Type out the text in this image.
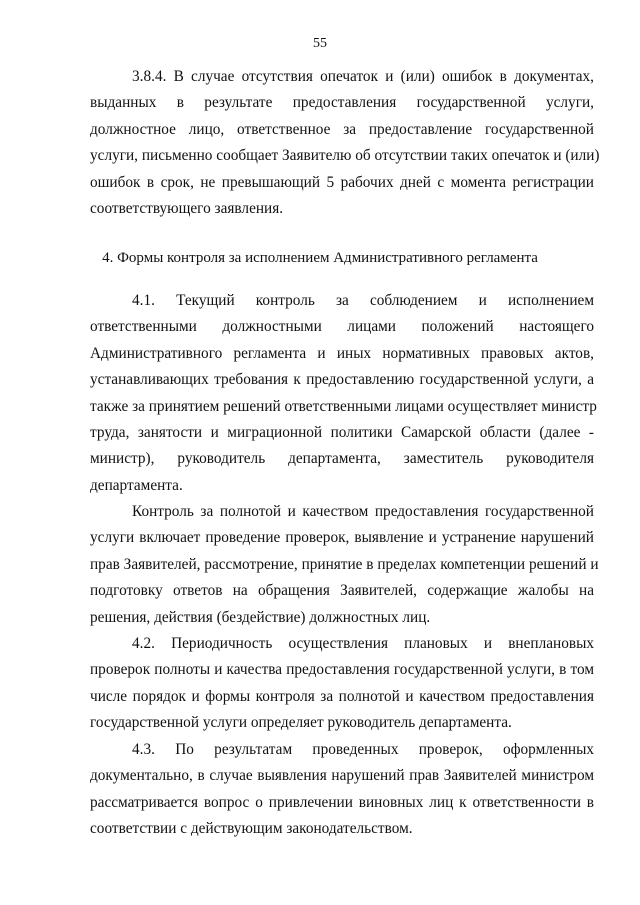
55
3.8.4. В случае отсутствия опечаток и (или) ошибок в документах,
выданных в результате предоставления государственной услуги,
должностное лицо, ответственное за предоставление государственной
услуги, письменно сообщает Заявителю об отсутствии таких опечаток и (или)
ошибок в срок, не превышающий 5 рабочих дней с момента регистрации
соответствующего заявления.
4. Формы контроля за исполнением Административного регламента
4.1. Текущий контроль за соблюдением и исполнением
ответственными должностными лицами положений настоящего
Административного регламента и иных нормативных правовых актов,
устанавливающих требования к предоставлению государственной услуги, а
также за принятием решений ответственными лицами осуществляет министр
труда, занятости и миграционной политики Самарской области (далее -
министр), руководитель департамента, заместитель руководителя
департамента.
Контроль за полнотой и качеством предоставления государственной
услуги включает проведение проверок, выявление и устранение нарушений
прав Заявителей, рассмотрение, принятие в пределах компетенции решений и
подготовку ответов на обращения Заявителей, содержащие жалобы на
решения, действия (бездействие) должностных лиц.
4.2. Периодичность осуществления плановых и внеплановых
проверок полноты и качества предоставления государственной услуги, в том
числе порядок и формы контроля за полнотой и качеством предоставления
государственной услуги определяет руководитель департамента.
4.3. По результатам проведенных проверок, оформленных
документально, в случае выявления нарушений прав Заявителей министром
рассматривается вопрос о привлечении виновных лиц к ответственности в
соответствии с действующим законодательством.
